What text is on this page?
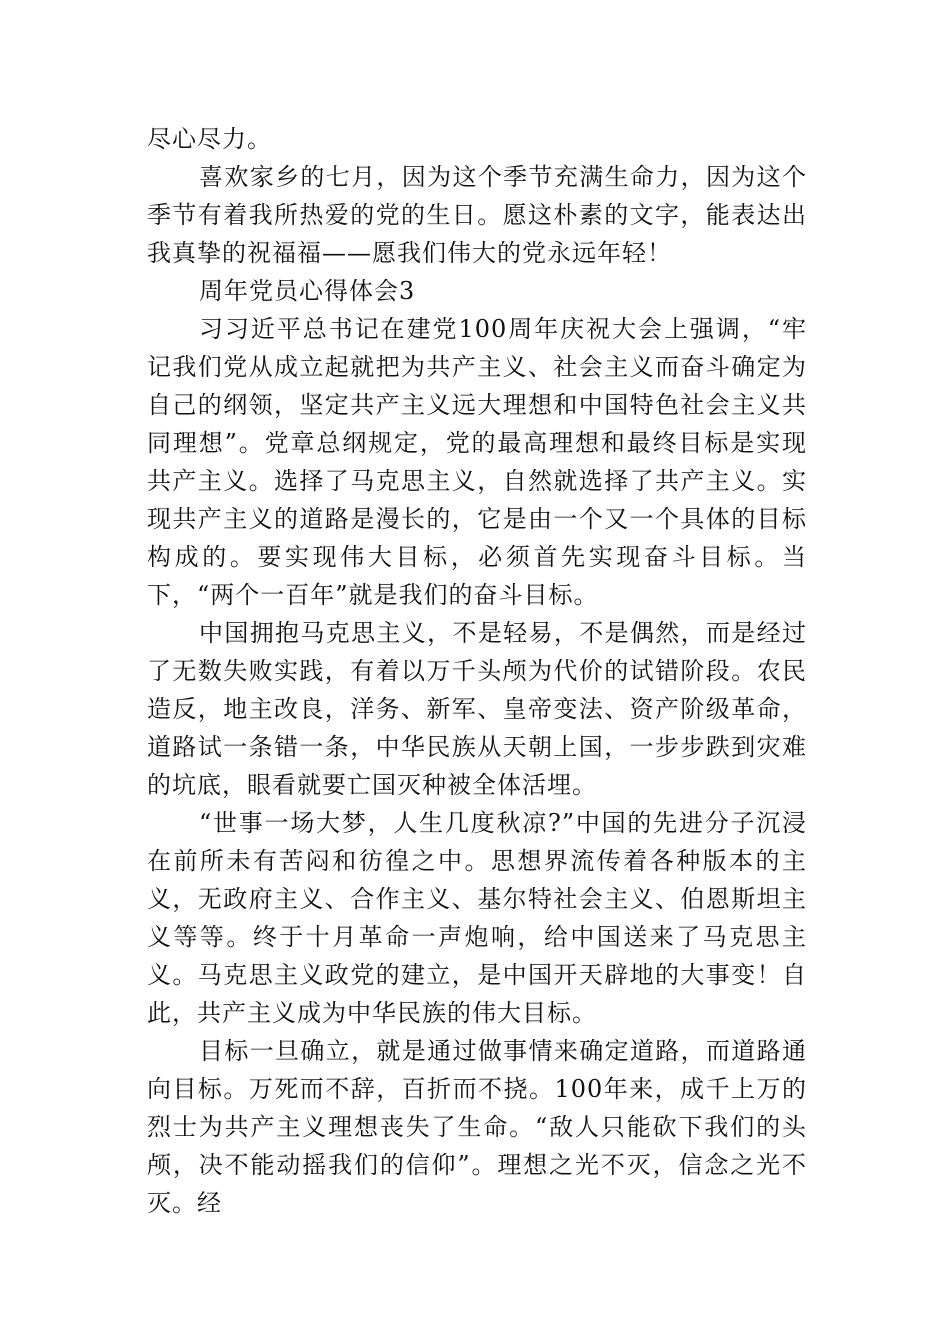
尽心尽力。

喜欢家乡的七月，因为这个季节充满生命力，因为这个季节有着我所热爱的党的生日。愿这朴素的文字，能表达出我真挚的祝福福——愿我们伟大的党永远年轻！

周年党员心得体会3

习习近平总书记在建党100周年庆祝大会上强调，“牢记我们党从成立起就把为共产主义、社会主义而奋斗确定为自己的纲领，坚定共产主义远大理想和中国特色社会主义共同理想”。党章总纲规定，党的最高理想和最终目标是实现共产主义。选择了马克思主义，自然就选择了共产主义。实现共产主义的道路是漫长的，它是由一个又一个具体的目标构成的。要实现伟大目标，必须首先实现奋斗目标。当下，“两个一百年”就是我们的奋斗目标。

中国拥抱马克思主义，不是轻易，不是偶然，而是经过了无数失败实践，有着以万千头颅为代价的试错阶段。农民造反，地主改良，洋务、新军、皇帝变法、资产阶级革命，道路试一条错一条，中华民族从天朝上国，一步步跌到灾难的坑底，眼看就要亡国灭种被全体活埋。

“世事一场大梦，人生几度秋凉?”中国的先进分子沉浸在前所未有苦闷和彷徨之中。思想界流传着各种版本的主义，无政府主义、合作主义、基尔特社会主义、伯恩斯坦主义等等。终于十月革命一声炮响，给中国送来了马克思主义。马克思主义政党的建立，是中国开天辟地的大事变！自此，共产主义成为中华民族的伟大目标。

目标一旦确立，就是通过做事情来确定道路，而道路通向目标。万死而不辞，百折而不挠。100年来，成千上万的烈士为共产主义理想丧失了生命。“敌人只能砍下我们的头颅，决不能动摇我们的信仰”。理想之光不灭，信念之光不灭。经
